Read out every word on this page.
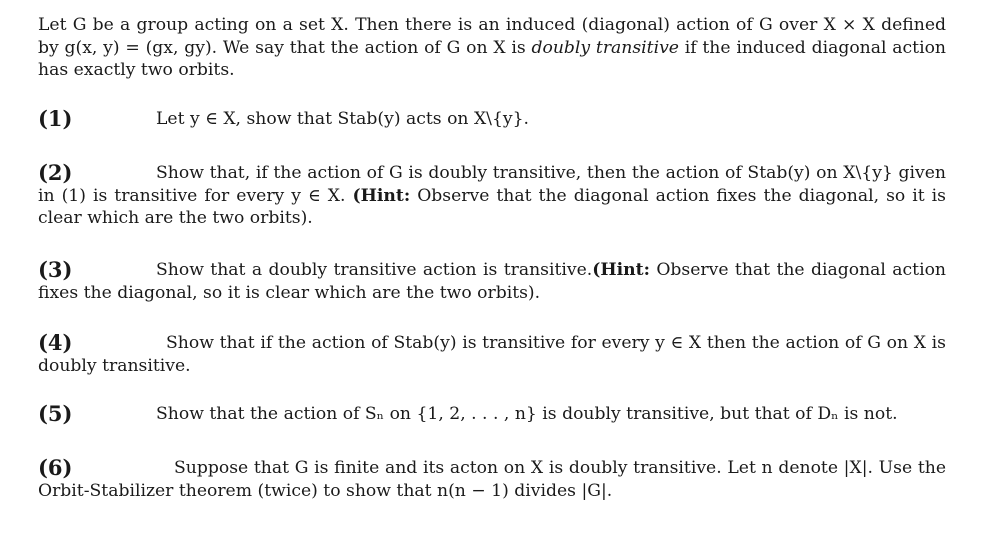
Let G be a group acting on a set X. Then there is an induced (diagonal) action of G over X × X defined by g(x, y) = (gx, gy). We say that the action of G on X is doubly transitive if the induced diagonal action has exactly two orbits.

(1)	Let y ∈ X, show that Stab(y) acts on X\{y}.

(2)	Show that, if the action of G is doubly transitive, then the action of Stab(y) on X\{y} given in (1) is transitive for every y ∈ X. (Hint: Observe that the diagonal action fixes the diagonal, so it is clear which are the two orbits).

(3)	Show that a doubly transitive action is transitive.(Hint: Observe that the diagonal action fixes the diagonal, so it is clear which are the two orbits).

(4)	Show that if the action of Stab(y) is transitive for every y ∈ X then the action of G on X is doubly transitive.

(5)	Show that the action of Sₙ on {1, 2, . . . , n} is doubly transitive, but that of Dₙ is not.

(6)	Suppose that G is finite and its acton on X is doubly transitive. Let n denote |X|. Use the Orbit-Stabilizer theorem (twice) to show that n(n − 1) divides |G|.
